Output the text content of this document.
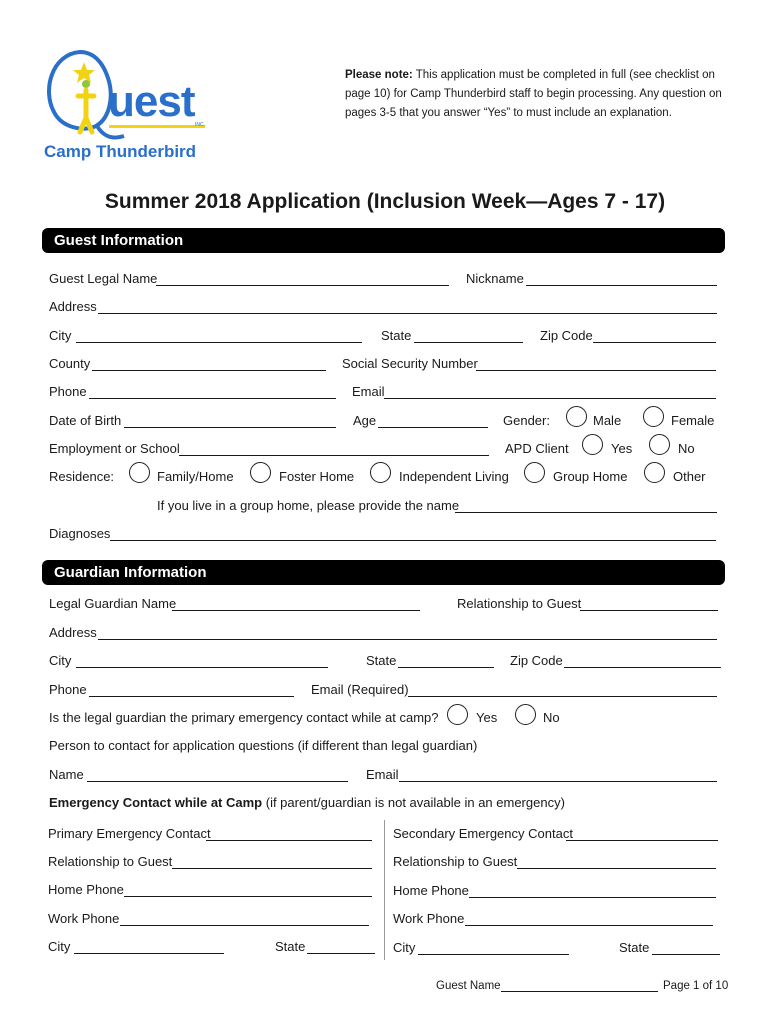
uest INC.
Camp Thunderbird
Please note: This application must be completed in full (see checklist on page 10) for Camp Thunderbird staff to begin processing. Any question on pages 3-5 that you answer “Yes” to must include an explanation.
Summer 2018 Application (Inclusion Week—Ages 7 - 17)
Guest Information
Guest Legal Name	Nickname
Address
City	State	Zip Code
County	Social Security Number
Phone	Email
Date of Birth	Age	Gender:	Male	Female
Employment or School	APD Client	Yes	No
Residence:	Family/Home	Foster Home	Independent Living	Group Home	Other
If you live in a group home, please provide the name
Diagnoses
Guardian Information
Legal Guardian Name	Relationship to Guest
Address
City	State	Zip Code
Phone	Email (Required)
Is the legal guardian the primary emergency contact while at camp?	Yes	No
Person to contact for application questions (if different than legal guardian)
Name	Email
Emergency Contact while at Camp (if parent/guardian is not available in an emergency)
Primary Emergency Contact
Relationship to Guest
Home Phone
Work Phone
City	State
Secondary Emergency Contact
Relationship to Guest
Home Phone
Work Phone
City	State
Guest Name	Page 1 of 10
